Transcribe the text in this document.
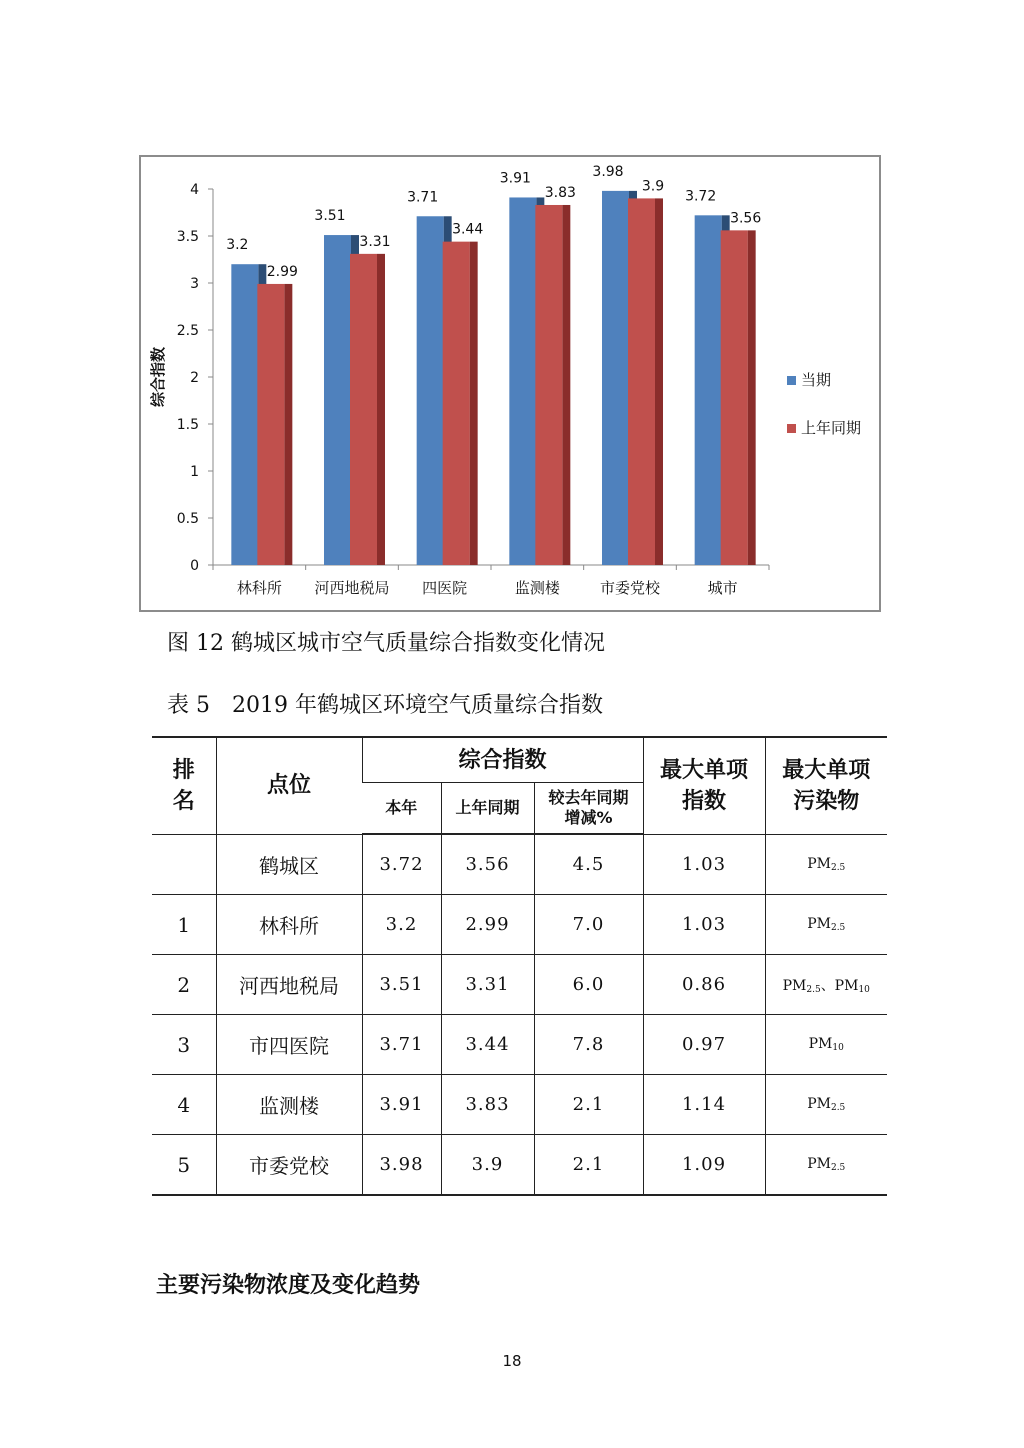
0
0.5
1
1.5
2
2.5
3
3.5
4
综合指数
3.2
2.99
林科所
3.51
3.31
河西地税局
3.71
3.44
四医院
3.91
3.83
监测楼
3.98
3.9
市委党校
3.72
3.56
城市
当期
上年同期
图 12 鹤城区城市空气质量综合指数变化情况
表 5　2019 年鹤城区环境空气质量综合指数
排名	点位	综合指数			最大单项指数	最大单项污染物

		本年	上年同期	较去年同期增减%		

	鹤城区	3.72	3.56	4.5	1.03	$PM_{2.5}$
1	林科所	3.2	2.99	7.0	1.03	$PM_{2.5}$
2	河西地税局	3.51	3.31	6.0	0.86	$PM_{2.5}$、$PM_{10}$
3	市四医院	3.71	3.44	7.8	0.97	$PM_{10}$
4	监测楼	3.91	3.83	2.1	1.14	$PM_{2.5}$
5	市委党校	3.98	3.9	2.1	1.09	$PM_{2.5}$
主要污染物浓度及变化趋势
18
